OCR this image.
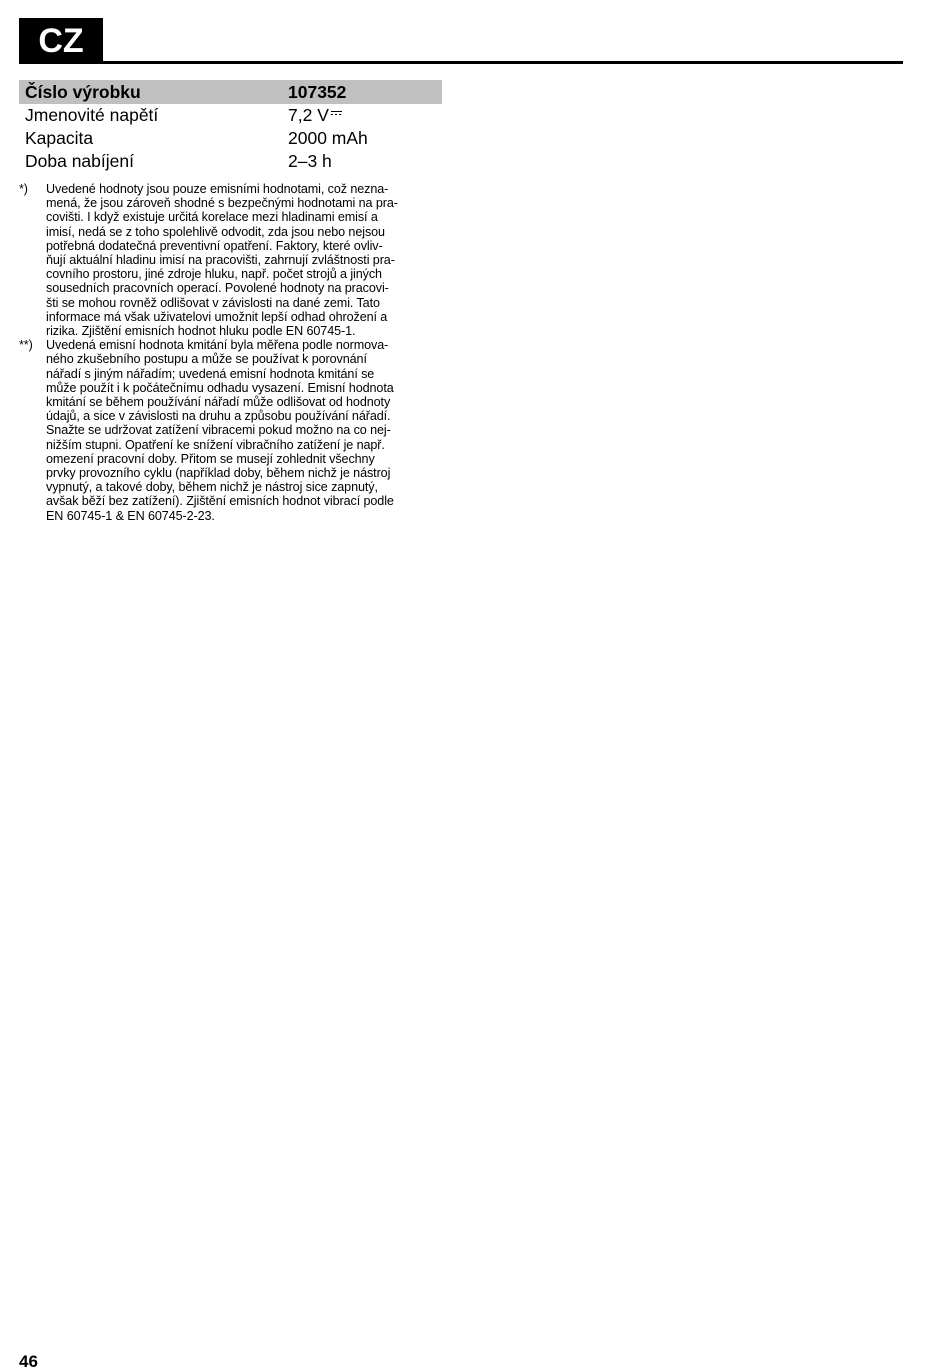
CZ
Číslo výrobku	107352
Jmenovité napětí	7,2 V

Kapacita	2000 mAh
Doba nabíjení	2–3 h
*)	Uvedené hodnoty jsou pouze emisními hodnotami, což nezna-
mená, že jsou zároveň shodné s bezpečnými hodnotami na pra-
covišti. I když existuje určitá korelace mezi hladinami emisí a
imisí, nedá se z toho spolehlivě odvodit, zda jsou nebo nejsou
potřebná dodatečná preventivní opatření. Faktory, které ovliv-
ňují aktuální hladinu imisí na pracovišti, zahrnují zvláštnosti pra-
covního prostoru, jiné zdroje hluku, např. počet strojů a jiných
sousedních pracovních operací. Povolené hodnoty na pracovi-
šti se mohou rovněž odlišovat v závislosti na dané zemi. Tato
informace má však uživatelovi umožnit lepší odhad ohrožení a
rizika. Zjištění emisních hodnot hluku podle EN 60745-1.
**)	Uvedená emisní hodnota kmitání byla měřena podle normova-
ného zkušebního postupu a může se používat k porovnání
nářadí s jiným nářadím; uvedená emisní hodnota kmitání se
může použít i k počátečnímu odhadu vysazení. Emisní hodnota
kmitání se během používání nářadí může odlišovat od hodnoty
údajů, a sice v závislosti na druhu a způsobu používání nářadí.
Snažte se udržovat zatížení vibracemi pokud možno na co nej-
nižším stupni. Opatření ke snížení vibračního zatížení je např.
omezení pracovní doby. Přitom se musejí zohlednit všechny
prvky provozního cyklu (například doby, během nichž je nástroj
vypnutý, a takové doby, během nichž je nástroj sice zapnutý,
avšak běží bez zatížení). Zjištění emisních hodnot vibrací podle
EN 60745-1 & EN 60745-2-23.
46
